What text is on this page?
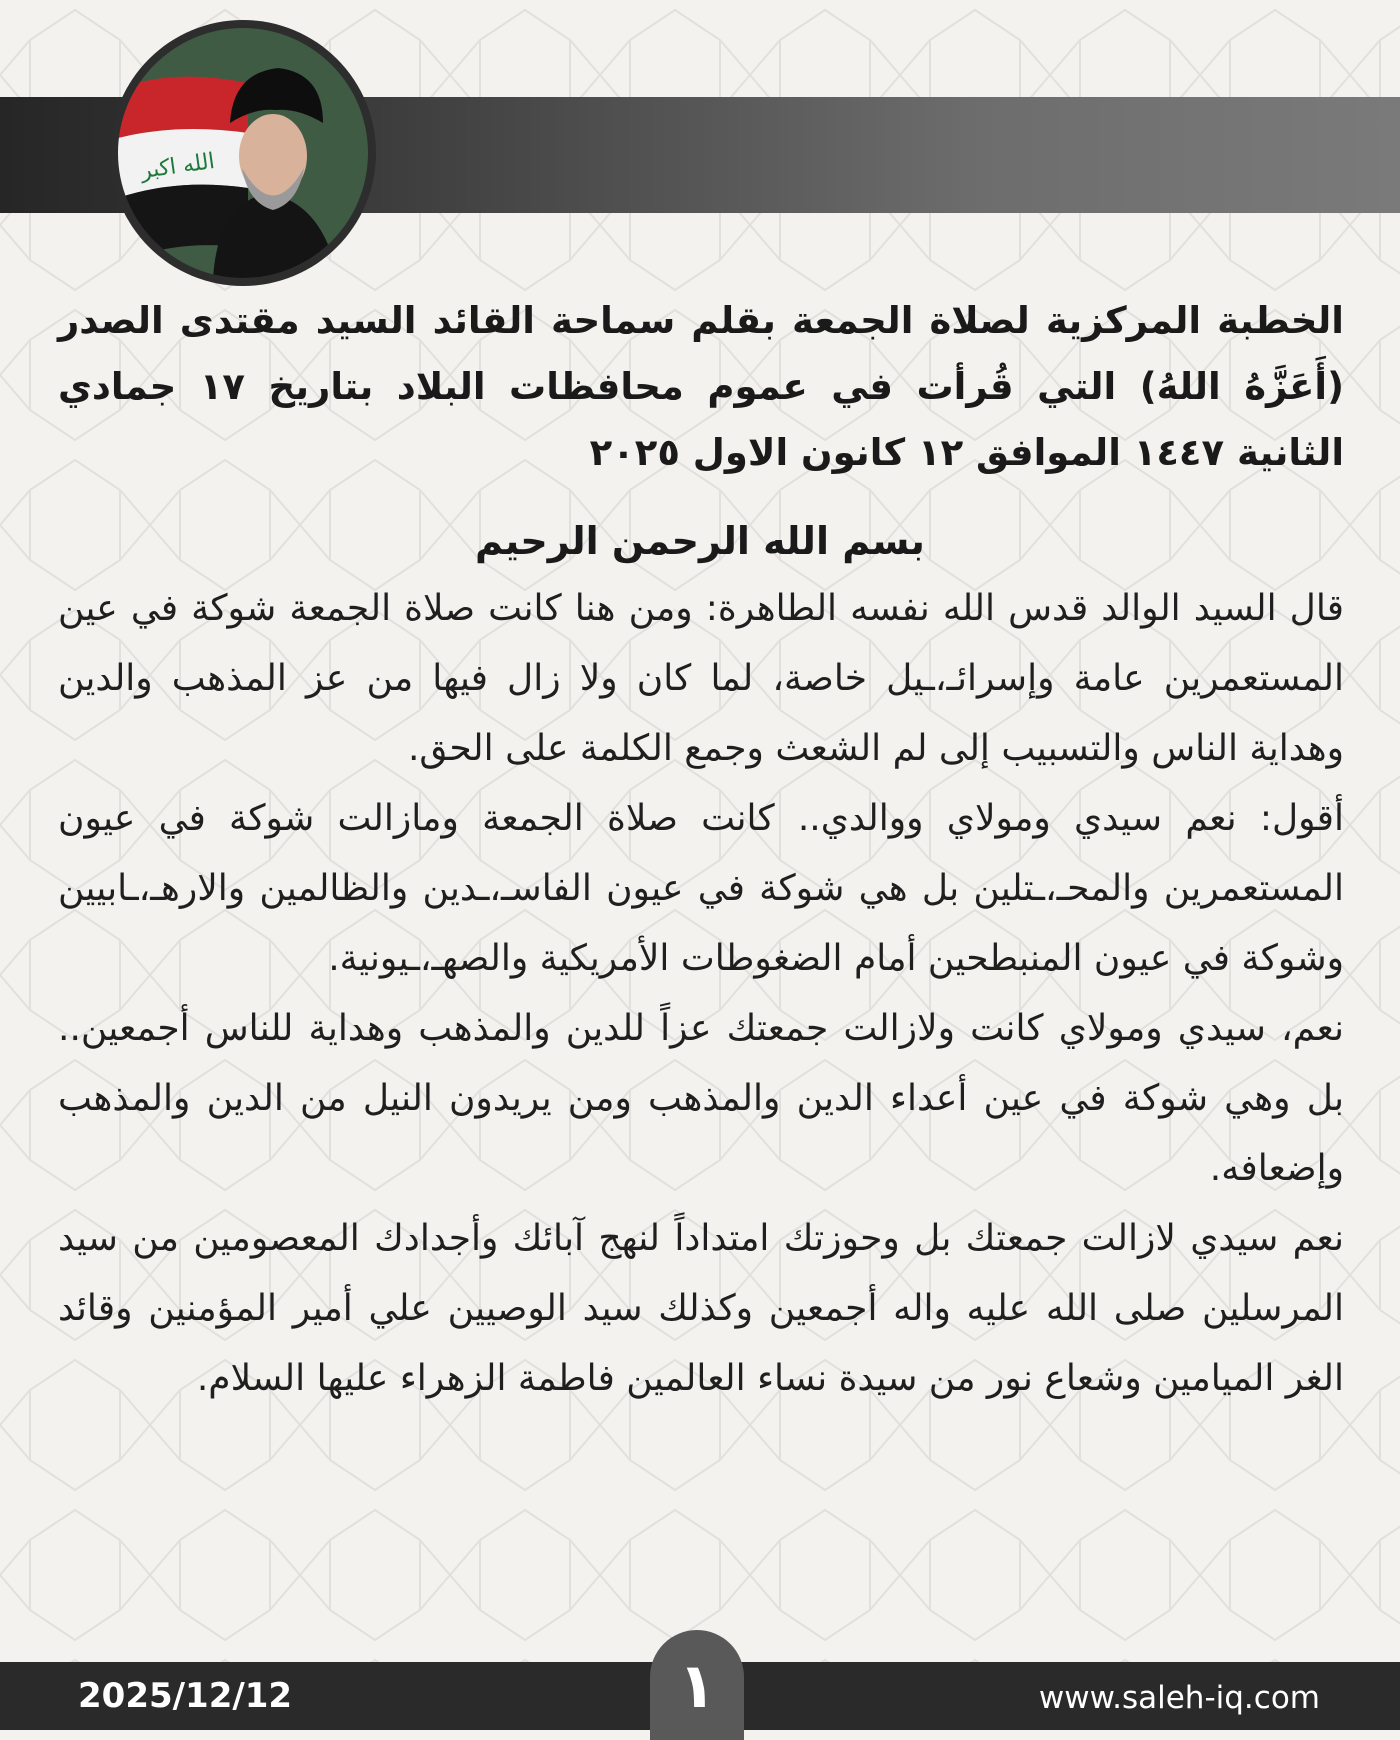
الله اكبر
الخطبة المركزية لصلاة الجمعة بقلم سماحة القائد السيد مقتدى الصدر (أَعَزَّهُ اللهُ) التي قُرأت في عموم محافظات البلاد بتاريخ ١٧ جمادي الثانية ١٤٤٧ الموافق ١٢ كانون الاول ٢٠٢٥
بسم الله الرحمن الرحيم

قال السيد الوالد قدس الله نفسه الطاهرة: ومن هنا كانت صلاة الجمعة شوكة في عين المستعمرين عامة وإسرائـ،ـيل خاصة، لما كان ولا زال فيها من عز المذهب والدين وهداية الناس والتسبيب إلى لم الشعث وجمع الكلمة على الحق.

أقول: نعم سيدي ومولاي ووالدي.. كانت صلاة الجمعة ومازالت شوكة في عيون المستعمرين والمحـ،ـتلين بل هي شوكة في عيون الفاسـ،ـدين والظالمين والارهـ،ـابيين وشوكة في عيون المنبطحين أمام الضغوطات الأمريكية والصهـ،ـيونية.

نعم، سيدي ومولاي كانت ولازالت جمعتك عزاً للدين والمذهب وهداية للناس أجمعين.. بل وهي شوكة في عين أعداء الدين والمذهب ومن يريدون النيل من الدين والمذهب وإضعافه.

نعم سيدي لازالت جمعتك بل وحوزتك امتداداً لنهج آبائك وأجدادك المعصومين من سيد المرسلين صلى الله عليه واله أجمعين وكذلك سيد الوصيين علي أمير المؤمنين وقائد الغر الميامين وشعاع نور من سيدة نساء العالمين فاطمة الزهراء عليها السلام.

2025/12/12	www.saleh-iq.com
١
